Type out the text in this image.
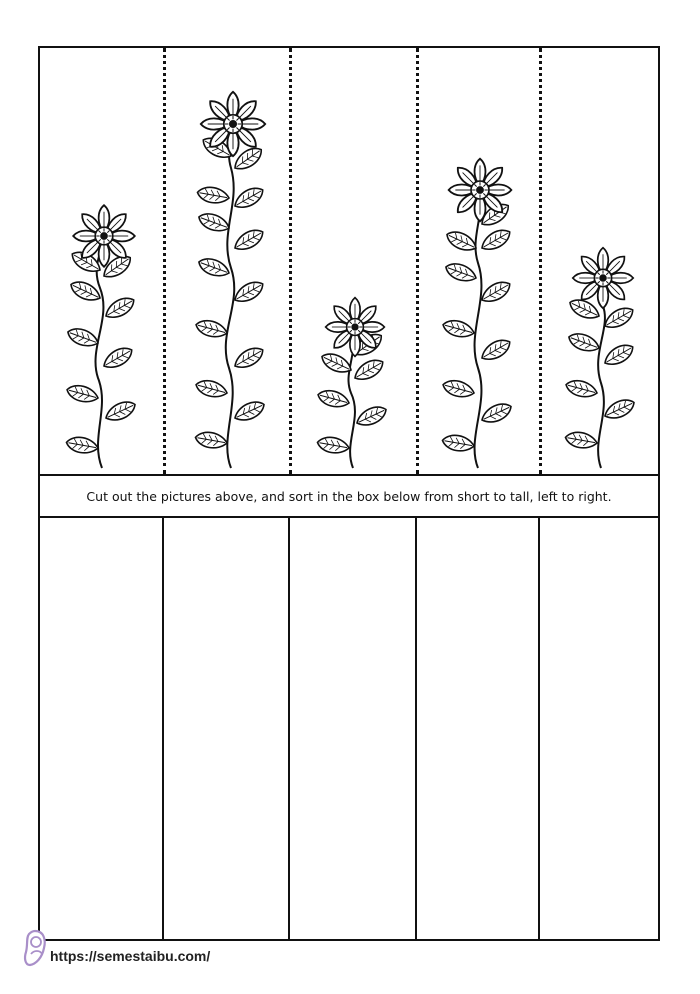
Cut out the pictures above, and sort in the box below from short to tall, left to right.
https://semestaibu.com/
